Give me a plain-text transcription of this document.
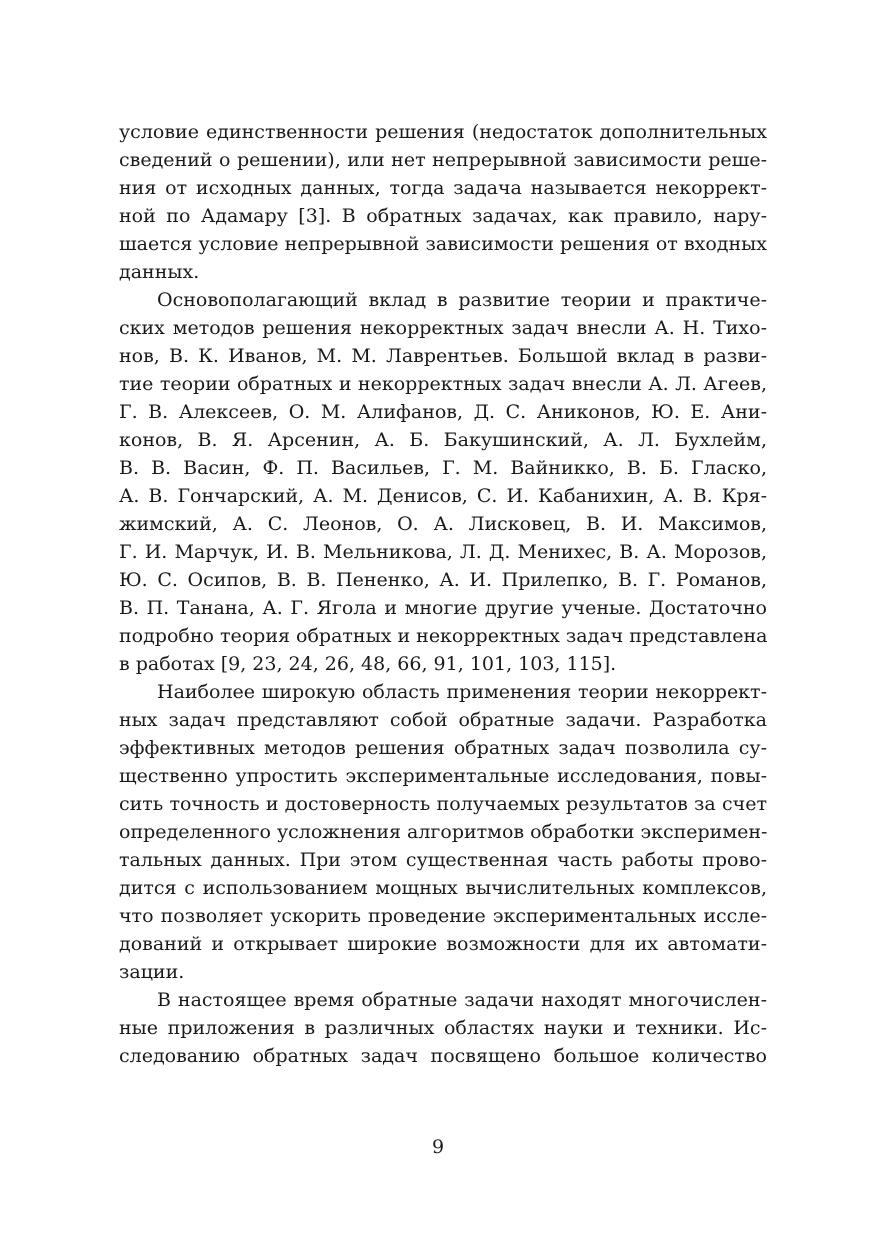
условие единственности решения (недостаток дополнительных
сведений о решении), или нет непрерывной зависимости реше-
ния от исходных данных, тогда задача называется некоррект-
ной по Адамару [3]. В обратных задачах, как правило, нару-
шается условие непрерывной зависимости решения от входных
данных.
Основополагающий вклад в развитие теории и практиче-
ских методов решения некорректных задач внесли А. Н. Тихо-
нов, В. К. Иванов, М. М. Лаврентьев. Большой вклад в разви-
тие теории обратных и некорректных задач внесли А. Л. Агеев,
Г. В. Алексеев, О. М. Алифанов, Д. С. Аниконов, Ю. Е. Ани-
конов, В. Я. Арсенин, А. Б. Бакушинский, А. Л. Бухлейм,
В. В. Васин, Ф. П. Васильев, Г. М. Вайникко, В. Б. Гласко,
А. В. Гончарский, А. М. Денисов, С. И. Кабанихин, А. В. Кря-
жимский, А. С. Леонов, О. А. Лисковец, В. И. Максимов,
Г. И. Марчук, И. В. Мельникова, Л. Д. Менихес, В. А. Морозов,
Ю. С. Осипов, В. В. Пененко, А. И. Прилепко, В. Г. Романов,
В. П. Танана, А. Г. Ягола и многие другие ученые. Достаточно
подробно теория обратных и некорректных задач представлена
в работах [9, 23, 24, 26, 48, 66, 91, 101, 103, 115].
Наиболее широкую область применения теории некоррект-
ных задач представляют собой обратные задачи. Разработка
эффективных методов решения обратных задач позволила су-
щественно упростить экспериментальные исследования, повы-
сить точность и достоверность получаемых результатов за счет
определенного усложнения алгоритмов обработки эксперимен-
тальных данных. При этом существенная часть работы прово-
дится с использованием мощных вычислительных комплексов,
что позволяет ускорить проведение экспериментальных иссле-
дований и открывает широкие возможности для их автомати-
зации.
В настоящее время обратные задачи находят многочислен-
ные приложения в различных областях науки и техники. Ис-
следованию обратных задач посвящено большое количество
9
